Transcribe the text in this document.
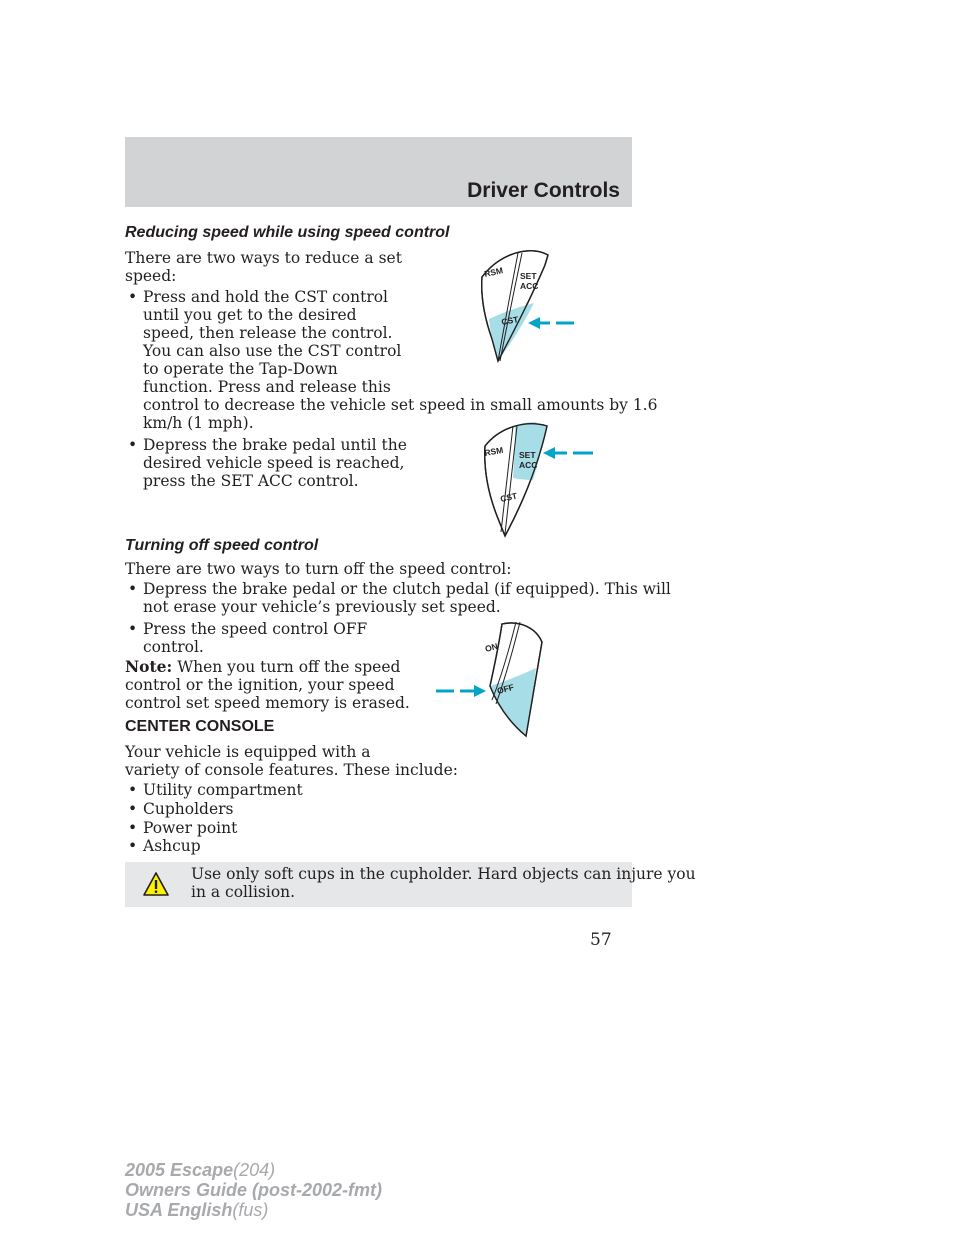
Driver Controls
Reducing speed while using speed control
There are two ways to reduce a set
speed:
• Press and hold the CST control
until you get to the desired
speed, then release the control.
You can also use the CST control
to operate the Tap-Down
function. Press and release this
control to decrease the vehicle set speed in small amounts by 1.6
km/h (1 mph).
• Depress the brake pedal until the
desired vehicle speed is reached,
press the SET ACC control.
RSM SET
ACC
CST
RSM SET
ACC
CST
Turning off speed control
There are two ways to turn off the speed control:
• Depress the brake pedal or the clutch pedal (if equipped). This will
not erase your vehicle’s previously set speed.
• Press the speed control OFF
control.
Note: When you turn off the speed
control or the ignition, your speed
control set speed memory is erased.
ON
OFF
CENTER CONSOLE
Your vehicle is equipped with a
variety of console features. These include:
• Utility compartment
• Cupholders
• Power point
• Ashcup
Use only soft cups in the cupholder. Hard objects can injure you
in a collision.
57
2005 Escape(204)
Owners Guide (post-2002-fmt)
USA English(fus)
